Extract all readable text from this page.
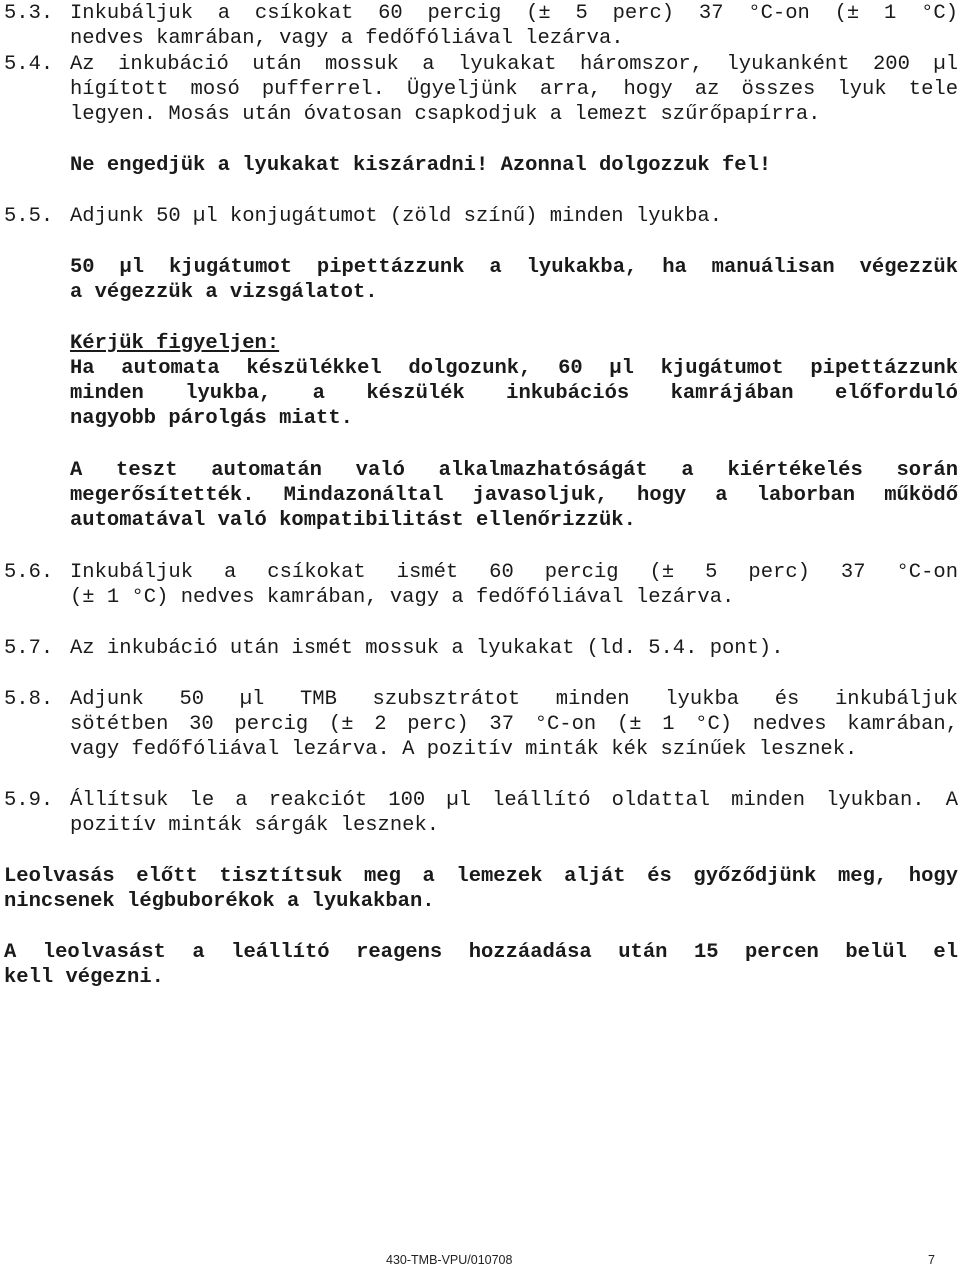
5.3. Inkubáljuk a csíkokat 60 percig (± 5 perc) 37 °C-on (± 1 °C)
nedves kamrában, vagy a fedőfóliával lezárva.
5.4. Az inkubáció után mossuk a lyukakat háromszor, lyukanként 200 µl
hígított mosó pufferrel. Ügyeljünk arra, hogy az összes lyuk tele
legyen. Mosás után óvatosan csapkodjuk a lemezt szűrőpapírra.
Ne engedjük a lyukakat kiszáradni! Azonnal dolgozzuk fel!
5.5. Adjunk 50 µl konjugátumot (zöld színű) minden lyukba.
50 µl kjugátumot pipettázzunk a lyukakba, ha manuálisan végezzük
a végezzük a vizsgálatot.
Kérjük figyeljen:
Ha automata készülékkel dolgozunk, 60 µl kjugátumot pipettázzunk
minden lyukba, a készülék inkubációs kamrájában előforduló
nagyobb párolgás miatt.
A teszt automatán való alkalmazhatóságát a kiértékelés során
megerősítették. Mindazonáltal javasoljuk, hogy a laborban működő
automatával való kompatibilitást ellenőrizzük.
5.6. Inkubáljuk a csíkokat ismét 60 percig (± 5 perc) 37 °C-on
(± 1 °C) nedves kamrában, vagy a fedőfóliával lezárva.
5.7. Az inkubáció után ismét mossuk a lyukakat (ld. 5.4. pont).
5.8. Adjunk 50 µl TMB szubsztrátot minden lyukba és inkubáljuk
sötétben 30 percig (± 2 perc) 37 °C-on (± 1 °C) nedves kamrában,
vagy fedőfóliával lezárva. A pozitív minták kék színűek lesznek.
5.9. Állítsuk le a reakciót 100 µl leállító oldattal minden lyukban. A
pozitív minták sárgák lesznek.
Leolvasás előtt tisztítsuk meg a lemezek alját és győződjünk meg, hogy
nincsenek légbuborékok a lyukakban.
A leolvasást a leállító reagens hozzáadása után 15 percen belül el
kell végezni.
430-TMB-VPU/010708	7
